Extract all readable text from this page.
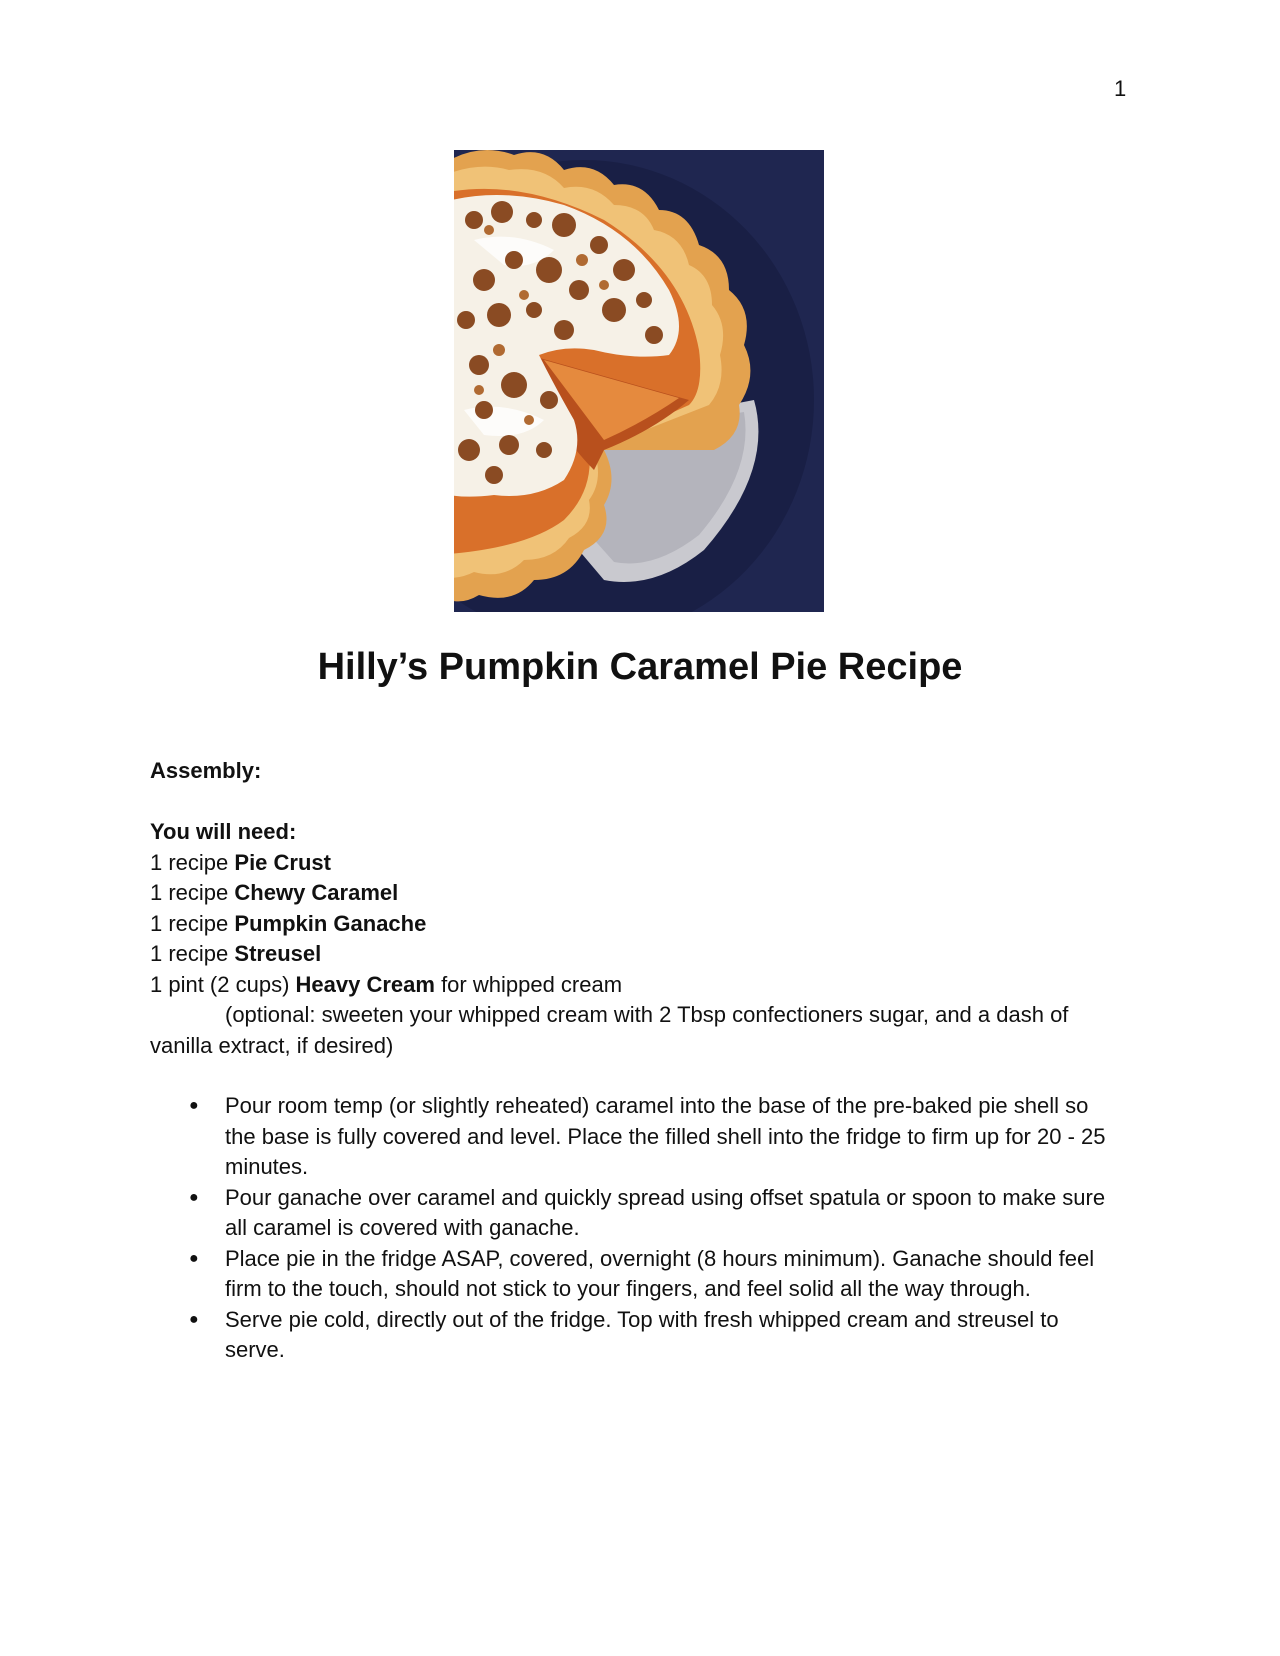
1
Hilly’s Pumpkin Caramel Pie Recipe
Assembly:
You will need:
1 recipe Pie Crust
1 recipe Chewy Caramel
1 recipe Pumpkin Ganache
1 recipe Streusel
1 pint (2 cups) Heavy Cream for whipped cream
(optional: sweeten your whipped cream with 2 Tbsp confectioners sugar, and a dash of vanilla extract, if desired)
● Pour room temp (or slightly reheated) caramel into the base of the pre-baked pie shell so the base is fully covered and level. Place the filled shell into the fridge to firm up for 20 - 25 minutes.
● Pour ganache over caramel and quickly spread using offset spatula or spoon to make sure all caramel is covered with ganache.
● Place pie in the fridge ASAP, covered, overnight (8 hours minimum). Ganache should feel firm to the touch, should not stick to your fingers, and feel solid all the way through.
● Serve pie cold, directly out of the fridge. Top with fresh whipped cream and streusel to serve.
